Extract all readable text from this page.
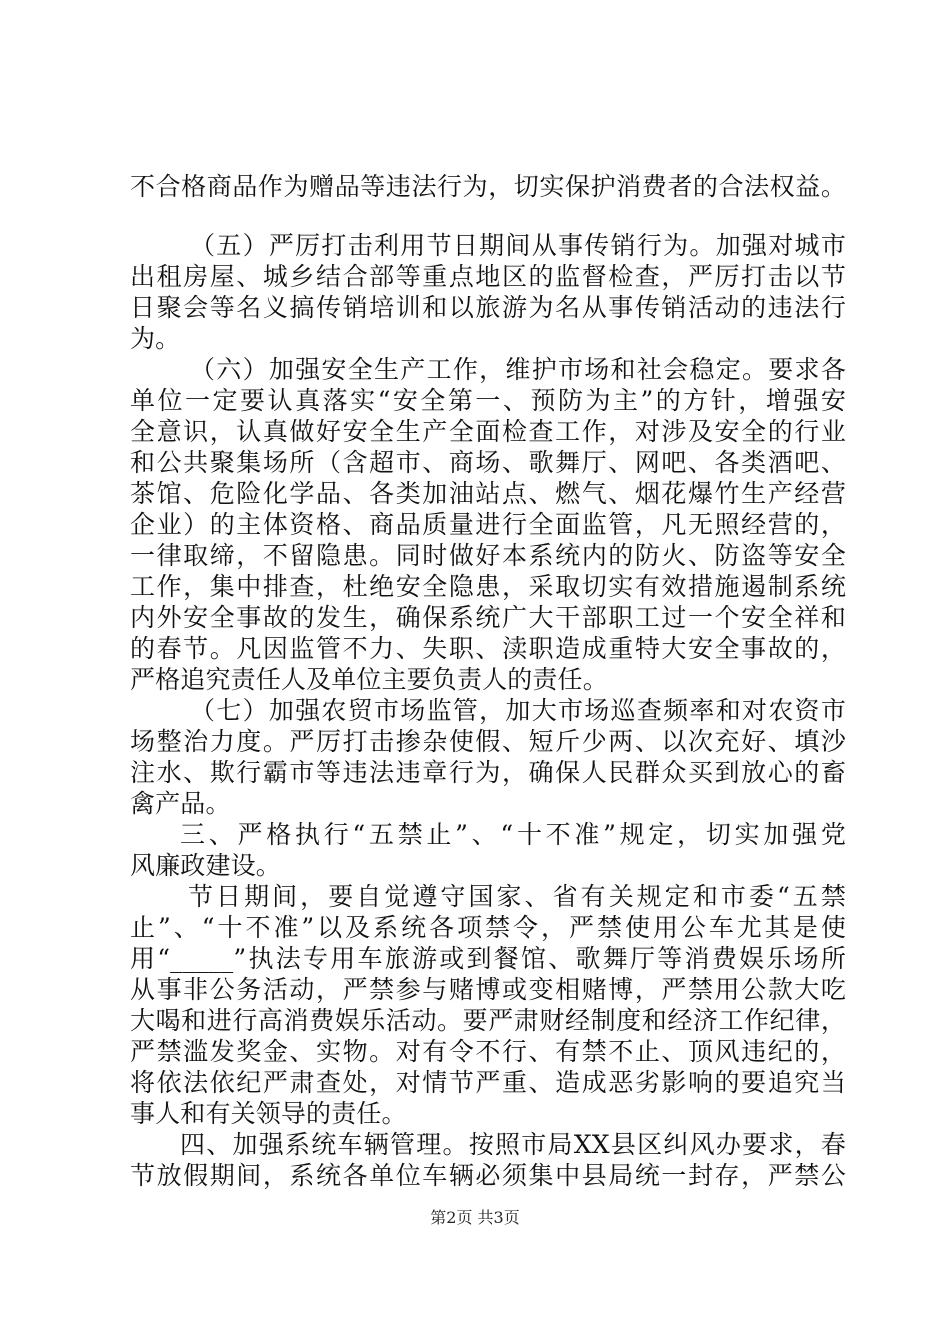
不合格商品作为赠品等违法行为，切实保护消费者的合法权益。
（五）严厉打击利用节日期间从事传销行为。加强对城市
出租房屋、城乡结合部等重点地区的监督检查，严厉打击以节
日聚会等名义搞传销培训和以旅游为名从事传销活动的违法行
为。
（六）加强安全生产工作，维护市场和社会稳定。要求各
单位一定要认真落实“安全第一、预防为主”的方针，增强安
全意识，认真做好安全生产全面检查工作，对涉及安全的行业
和公共聚集场所（含超市、商场、歌舞厅、网吧、各类酒吧、
茶馆、危险化学品、各类加油站点、燃气、烟花爆竹生产经营
企业）的主体资格、商品质量进行全面监管，凡无照经营的，
一律取缔，不留隐患。同时做好本系统内的防火、防盗等安全
工作，集中排查，杜绝安全隐患，采取切实有效措施遏制系统
内外安全事故的发生，确保系统广大干部职工过一个安全祥和
的春节。凡因监管不力、失职、渎职造成重特大安全事故的，
严格追究责任人及单位主要负责人的责任。
（七）加强农贸市场监管，加大市场巡查频率和对农资市
场整治力度。严厉打击掺杂使假、短斤少两、以次充好、填沙
注水、欺行霸市等违法违章行为，确保人民群众买到放心的畜
禽产品。
三、严格执行“五禁止”、“十不准”规定，切实加强党
风廉政建设。
节日期间，要自觉遵守国家、省有关规定和市委“五禁
止”、“十不准”以及系统各项禁令，严禁使用公车尤其是使
用“_____”执法专用车旅游或到餐馆、歌舞厅等消费娱乐场所
从事非公务活动，严禁参与赌博或变相赌博，严禁用公款大吃
大喝和进行高消费娱乐活动。要严肃财经制度和经济工作纪律，
严禁滥发奖金、实物。对有令不行、有禁不止、顶风违纪的，
将依法依纪严肃查处，对情节严重、造成恶劣影响的要追究当
事人和有关领导的责任。
四、加强系统车辆管理。按照市局XX县区纠风办要求，春
节放假期间，系统各单位车辆必须集中县局统一封存，严禁公
第2页 共3页
